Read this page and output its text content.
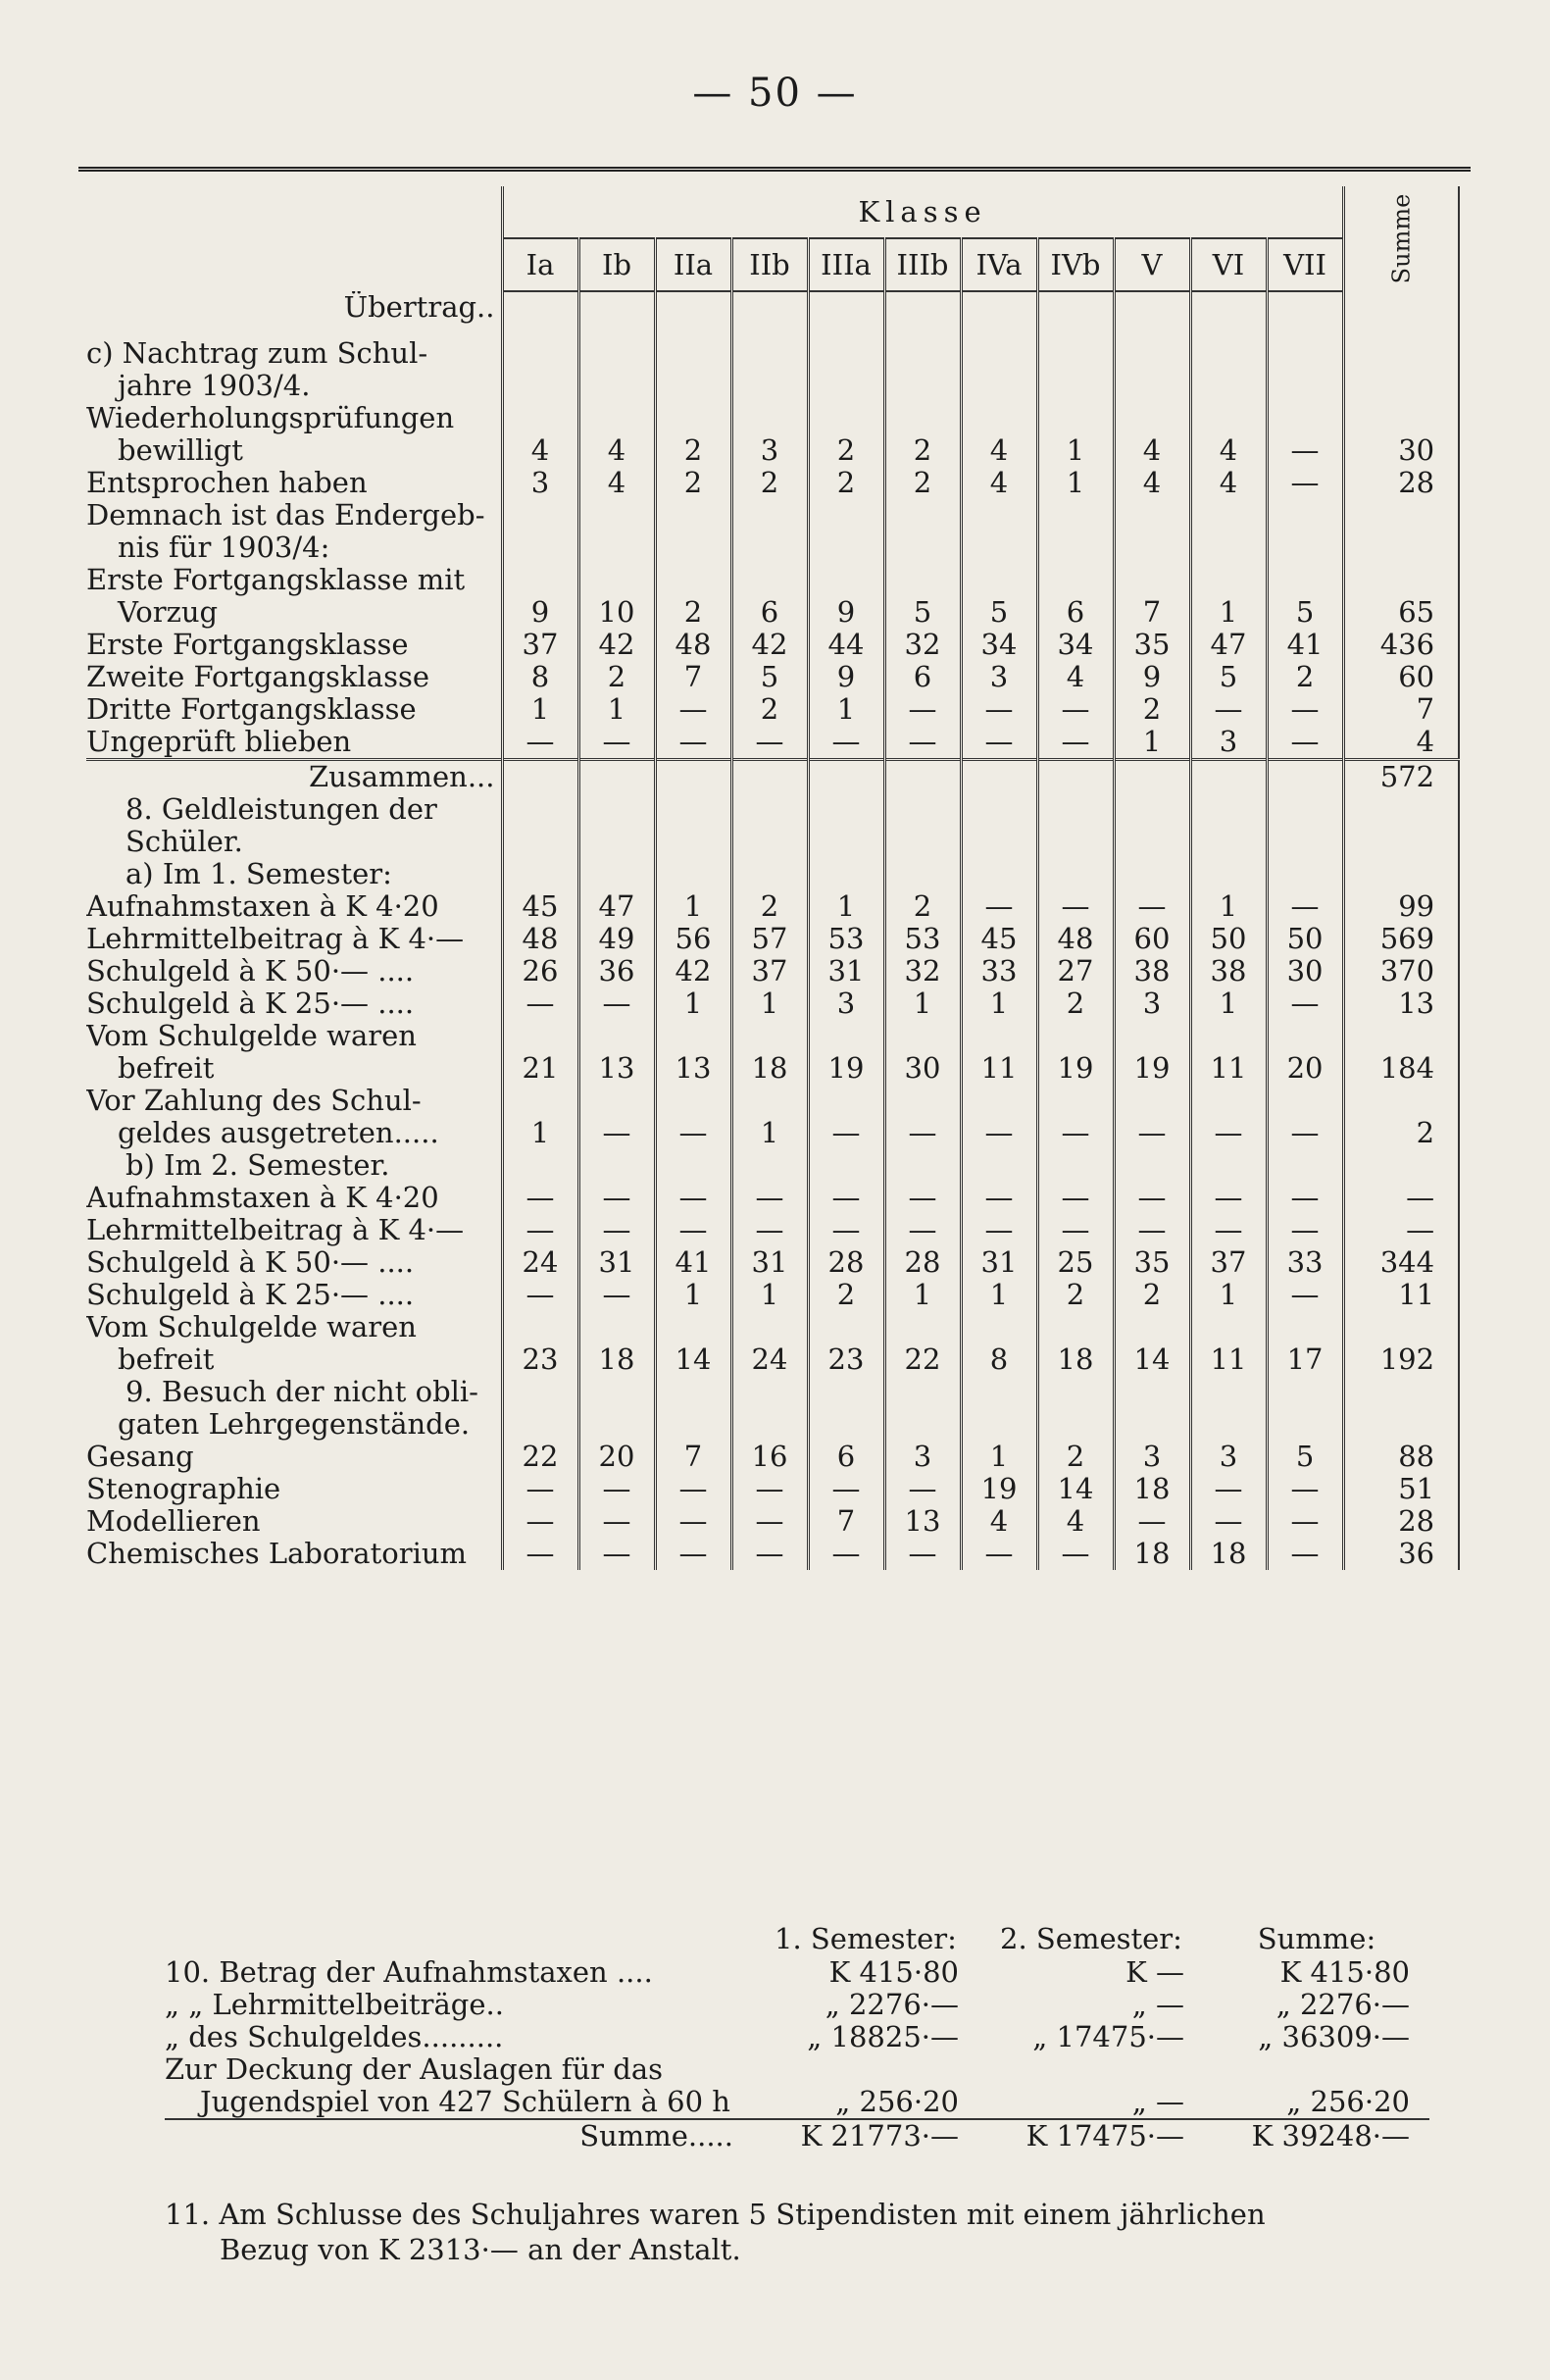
— 50 —
	Klasse											Summe
	Ia	Ib	IIa	IIb	IIIa	IIIb	IVa	IVb	V	VI	VII	
Übertrag..												

c) Nachtrag zum Schul-												
jahre 1903/4.												
Wiederholungsprüfungen												
bewilligt	4	4	2	3	2	2	4	1	4	4	—	30
Entsprochen haben	3	4	2	2	2	2	4	1	4	4	—	28
Demnach ist das Endergeb-												
nis für 1903/4:												
Erste Fortgangsklasse mit												
Vorzug	9	10	2	6	9	5	5	6	7	1	5	65
Erste Fortgangsklasse	37	42	48	42	44	32	34	34	35	47	41	436
Zweite Fortgangsklasse	8	2	7	5	9	6	3	4	9	5	2	60
Dritte Fortgangsklasse	1	1	—	2	1	—	—	—	2	—	—	7
Ungeprüft blieben	—	—	—	—	—	—	—	—	1	3	—	4
Zusammen...												572
8. Geldleistungen der												
Schüler.												
a) Im 1. Semester:												
Aufnahmstaxen à K 4·20	45	47	1	2	1	2	—	—	—	1	—	99
Lehrmittelbeitrag à K 4·—	48	49	56	57	53	53	45	48	60	50	50	569
Schulgeld à K 50·— ....	26	36	42	37	31	32	33	27	38	38	30	370
Schulgeld à K 25·— ....	—	—	1	1	3	1	1	2	3	1	—	13
Vom Schulgelde waren												
befreit	21	13	13	18	19	30	11	19	19	11	20	184
Vor Zahlung des Schul-												
geldes ausgetreten.....	1	—	—	1	—	—	—	—	—	—	—	2
b) Im 2. Semester.												
Aufnahmstaxen à K 4·20	—	—	—	—	—	—	—	—	—	—	—	—
Lehrmittelbeitrag à K 4·—	—	—	—	—	—	—	—	—	—	—	—	—
Schulgeld à K 50·— ....	24	31	41	31	28	28	31	25	35	37	33	344
Schulgeld à K 25·— ....	—	—	1	1	2	1	1	2	2	1	—	11
Vom Schulgelde waren												
befreit	23	18	14	24	23	22	8	18	14	11	17	192
9. Besuch der nicht obli-												
gaten Lehrgegenstände.												
Gesang	22	20	7	16	6	3	1	2	3	3	5	88
Stenographie	—	—	—	—	—	—	19	14	18	—	—	51
Modellieren	—	—	—	—	7	13	4	4	—	—	—	28
Chemisches Laboratorium	—	—	—	—	—	—	—	—	18	18	—	36
	1. Semester:	2. Semester:	Summe:
10. Betrag der Aufnahmstaxen ....	K 415·80	K —	K 415·80
„ „ Lehrmittelbeiträge..	„ 2276·—	„ —	„ 2276·—
„ des Schulgeldes.........	„ 18825·—	„ 17475·—	„ 36309·—
Zur Deckung der Auslagen für das			
Jugendspiel von 427 Schülern à 60 h	„ 256·20	„ —	„ 256·20
Summe.....	K 21773·—	K 17475·—	K 39248·—
11. Am Schlusse des Schuljahres waren 5 Stipendisten mit einem jährlichen
Bezug von K 2313·— an der Anstalt.
